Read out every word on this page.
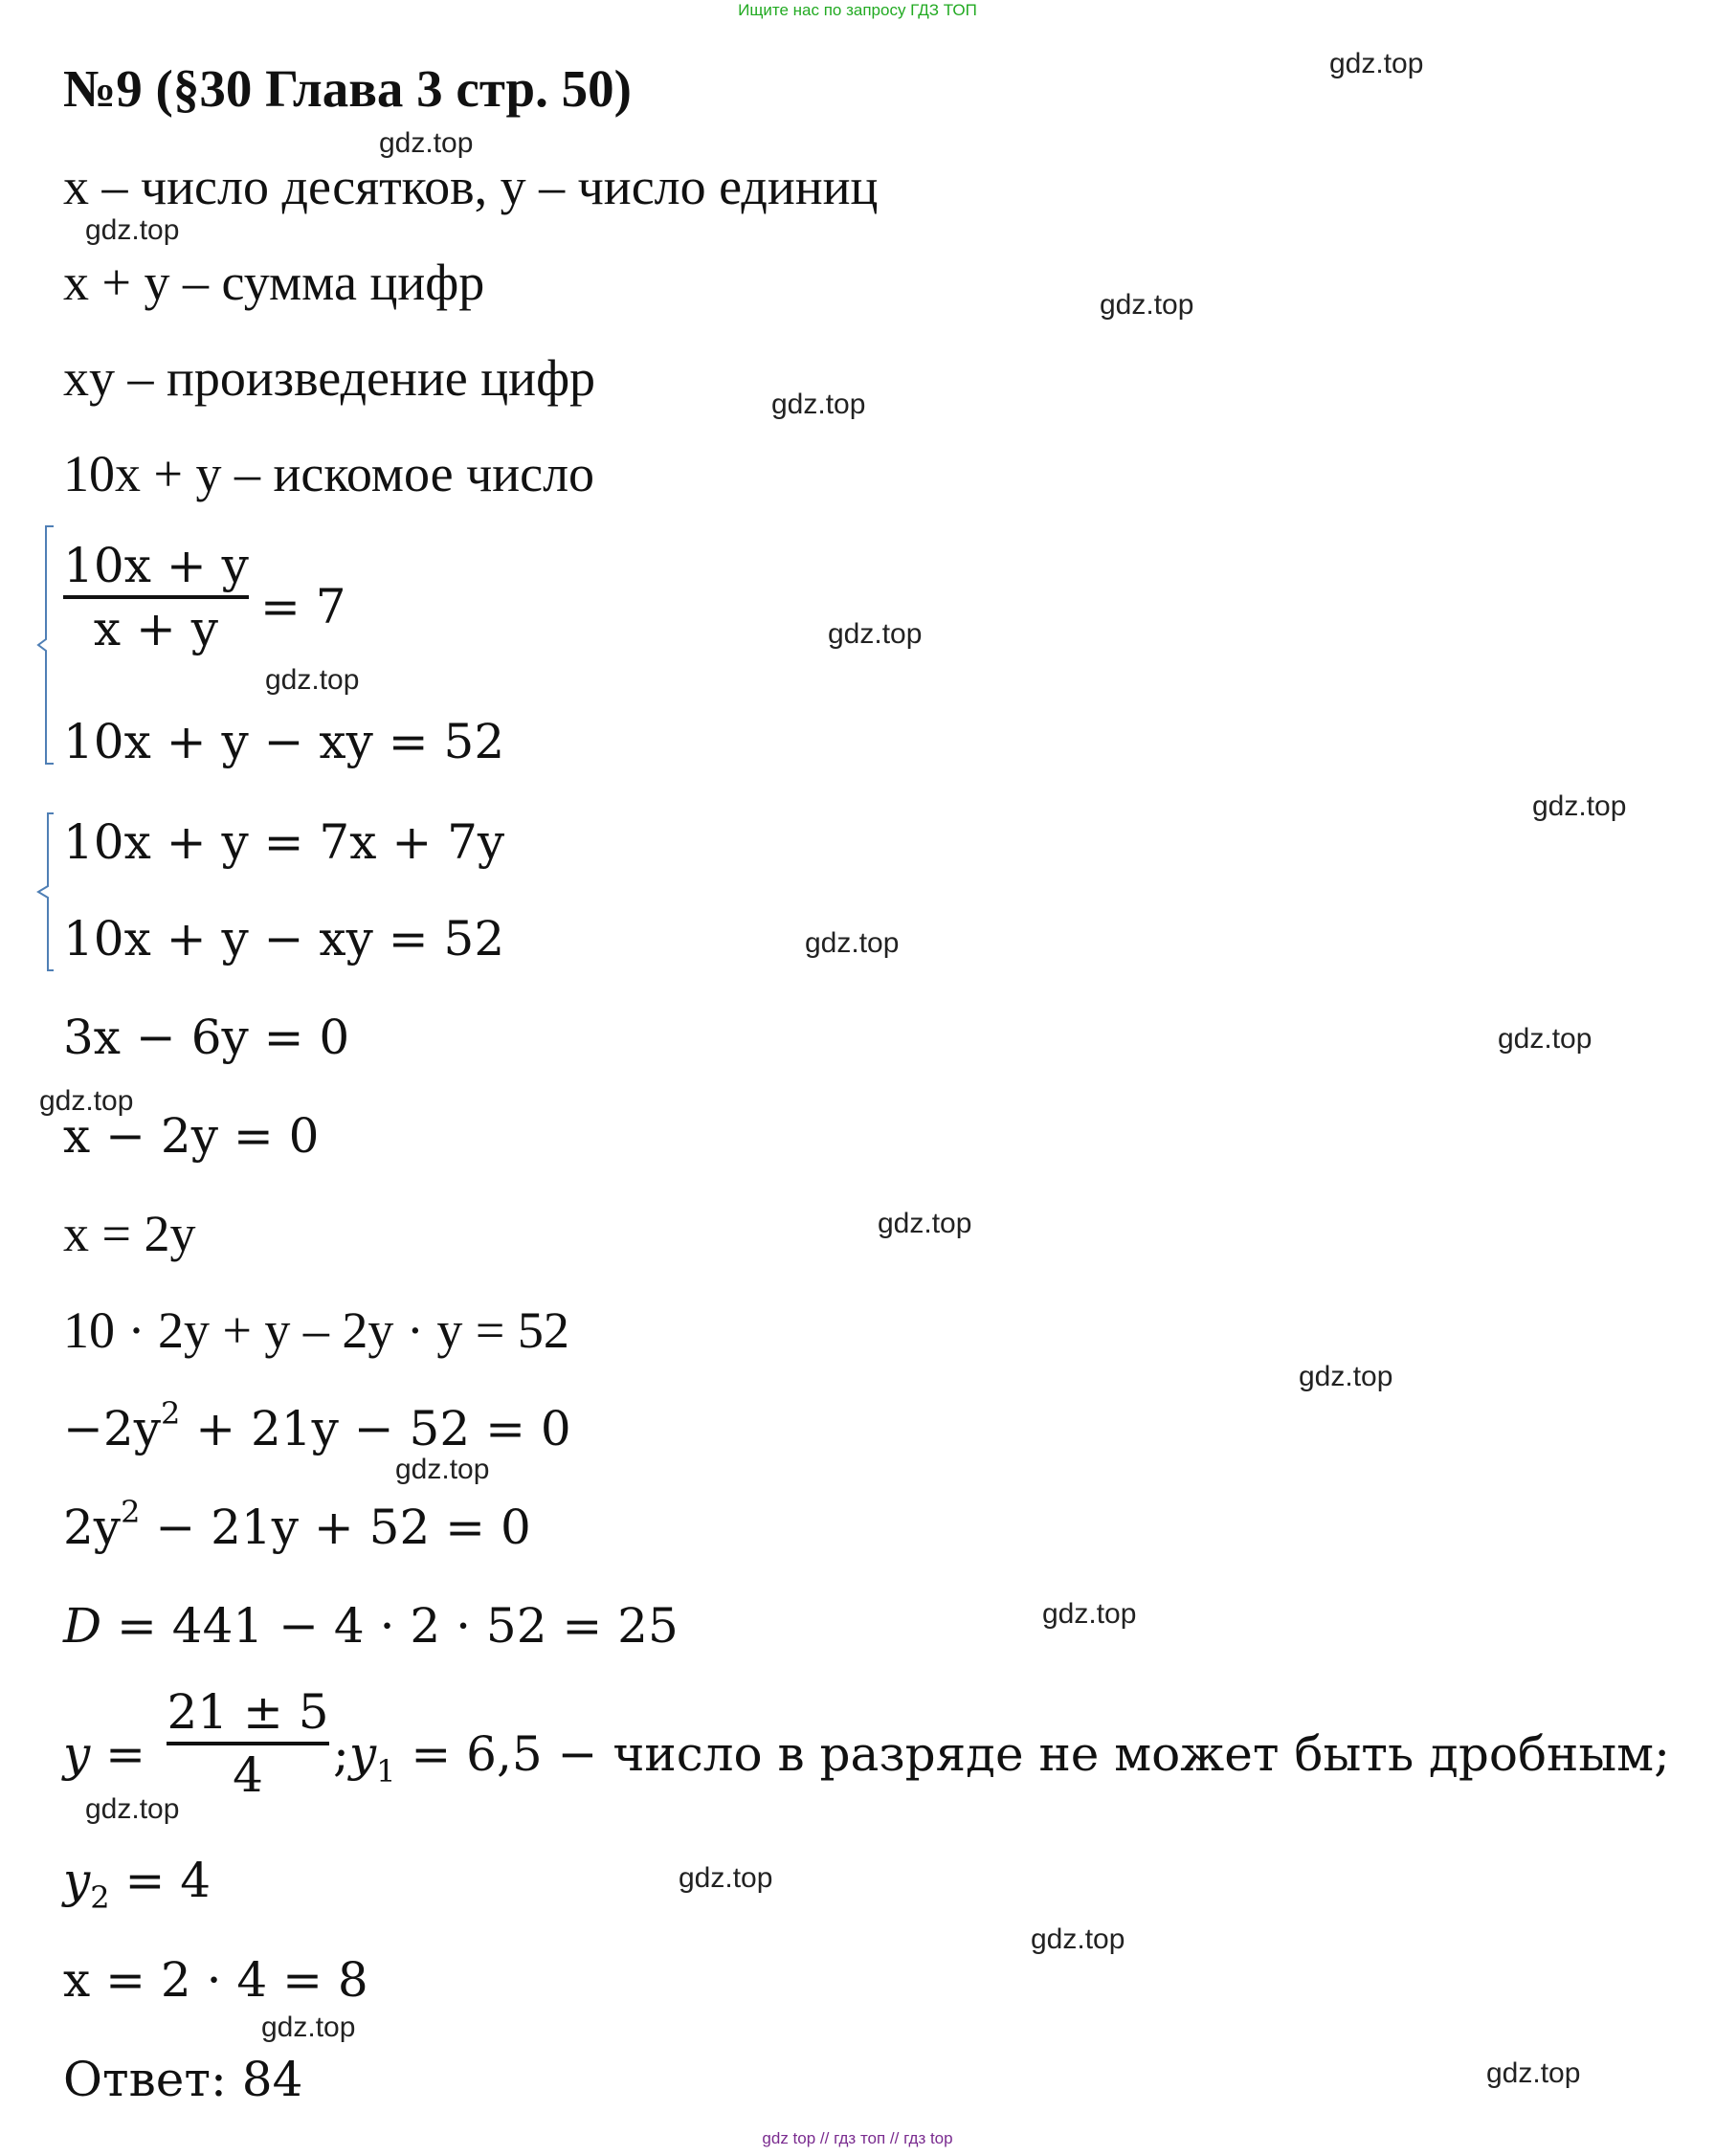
Ищите нас по запросу ГДЗ ТОП
№9 (§30 Глава 3 стр. 50)
x – число десятков, y – число единиц
x + y – сумма цифр
xy – произведение цифр
10x + y – искомое число
10x + y
x + y = 7
10x + y − xy = 52
10x + y = 7x + 7y
10x + y − xy = 52
3x − 6y = 0
x − 2y = 0
x = 2y
10 · 2y + y – 2y · y = 52
$-2y^2 + 21y - 52 = 0$
$2y^2 - 21y + 52 = 0$
D = 441 − 4 · 2 · 52 = 25
y =
21 ± 5
4	$;y_1 = 6,5$ − число в разряде не может быть дробным;
$y_2 = 4$
x = 2 · 4 = 8
Ответ: 84
gdz.top
gdz.top
gdz.top
gdz.top
gdz.top
gdz.top
gdz.top
gdz.top
gdz.top
gdz.top
gdz.top
gdz.top
gdz.top
gdz.top
gdz.top
gdz.top
gdz.top
gdz.top
gdz.top
gdz.top
gdz top // гдз топ // гдз top
